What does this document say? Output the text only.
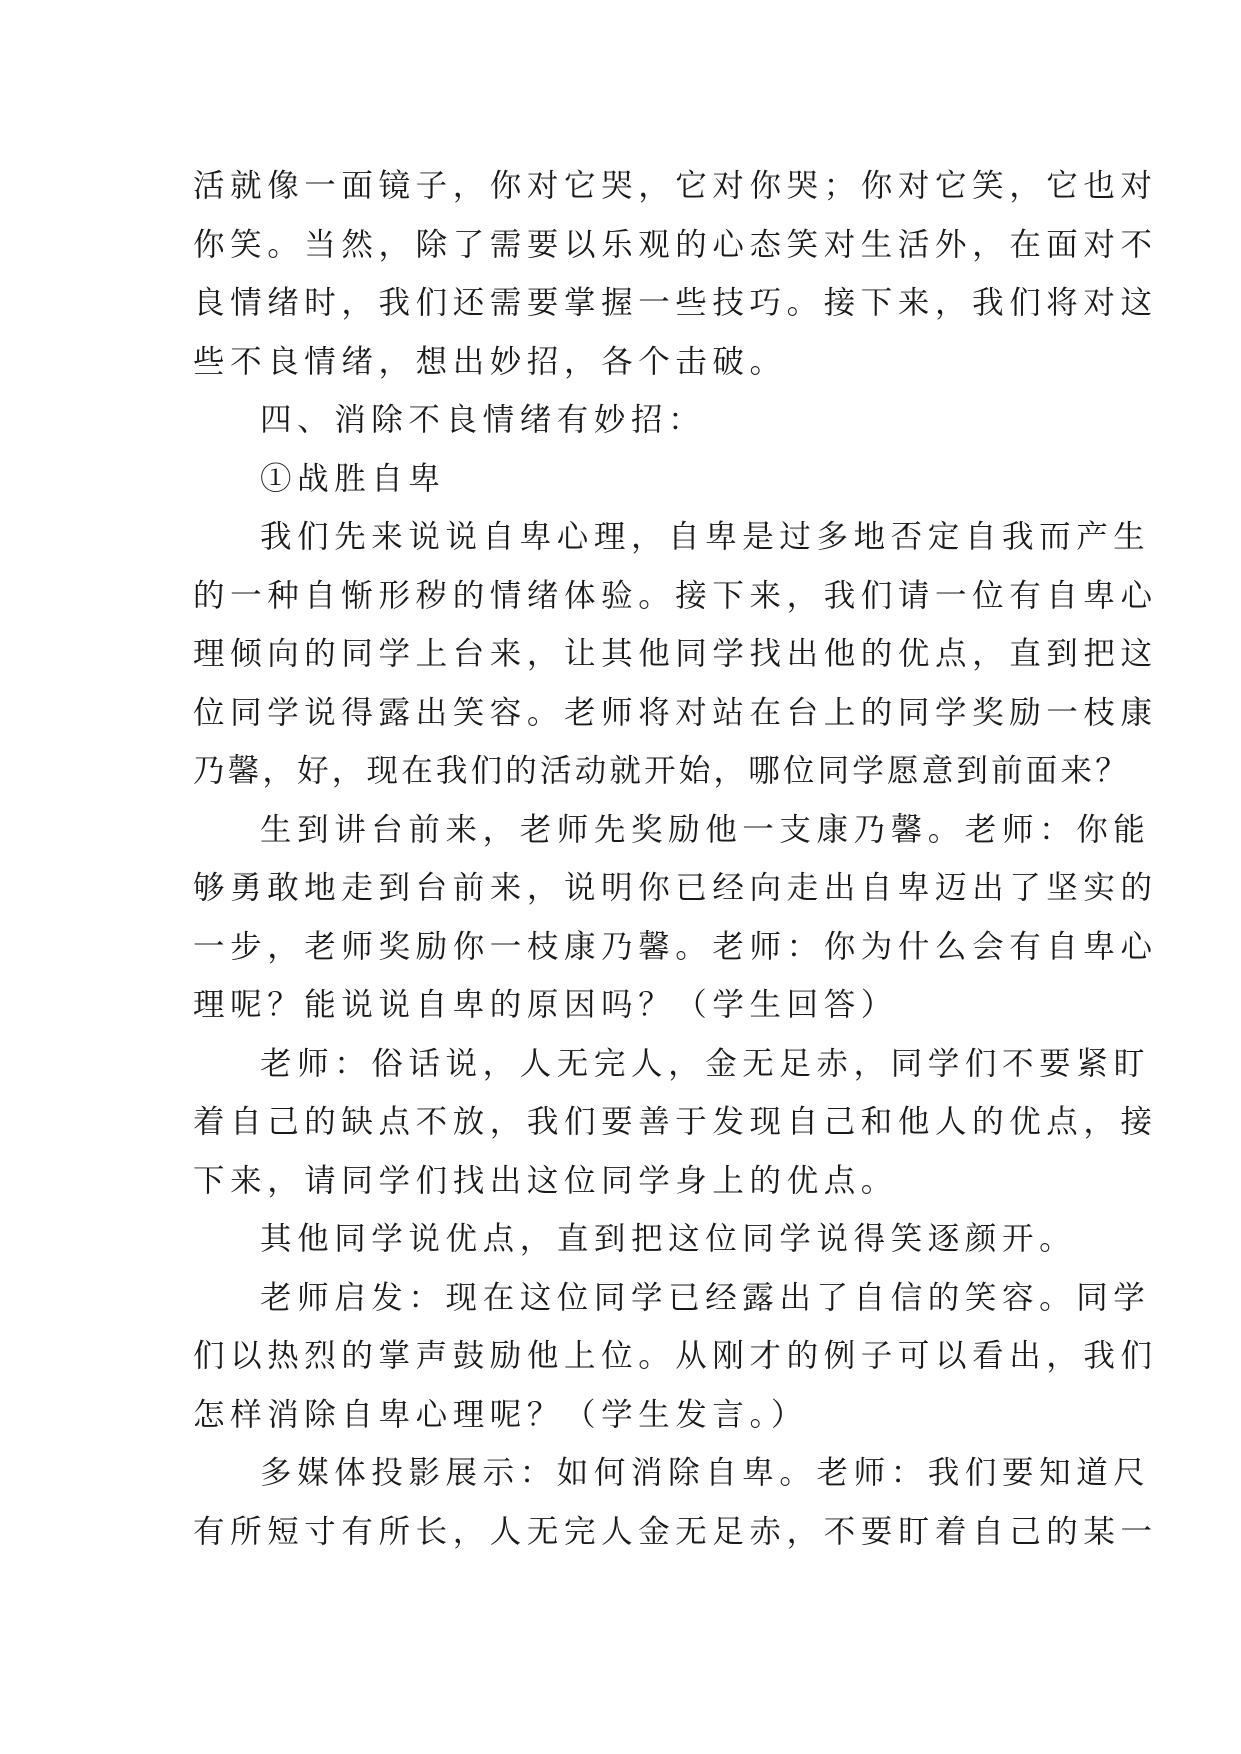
活就像一面镜子，你对它哭，它对你哭；你对它笑，它也对
你笑。当然，除了需要以乐观的心态笑对生活外，在面对不
良情绪时，我们还需要掌握一些技巧。接下来，我们将对这
些不良情绪，想出妙招，各个击破。
四、消除不良情绪有妙招：
①战胜自卑
我们先来说说自卑心理，自卑是过多地否定自我而产生
的一种自惭形秽的情绪体验。接下来，我们请一位有自卑心
理倾向的同学上台来，让其他同学找出他的优点，直到把这
位同学说得露出笑容。老师将对站在台上的同学奖励一枝康
乃馨，好，现在我们的活动就开始，哪位同学愿意到前面来？
生到讲台前来，老师先奖励他一支康乃馨。老师：你能
够勇敢地走到台前来，说明你已经向走出自卑迈出了坚实的
一步，老师奖励你一枝康乃馨。老师：你为什么会有自卑心
理呢？能说说自卑的原因吗？（学生回答）
老师：俗话说，人无完人，金无足赤，同学们不要紧盯
着自己的缺点不放，我们要善于发现自己和他人的优点，接
下来，请同学们找出这位同学身上的优点。
其他同学说优点，直到把这位同学说得笑逐颜开。
老师启发：现在这位同学已经露出了自信的笑容。同学
们以热烈的掌声鼓励他上位。从刚才的例子可以看出，我们
怎样消除自卑心理呢？（学生发言。）
多媒体投影展示：如何消除自卑。老师：我们要知道尺
有所短寸有所长，人无完人金无足赤，不要盯着自己的某一
